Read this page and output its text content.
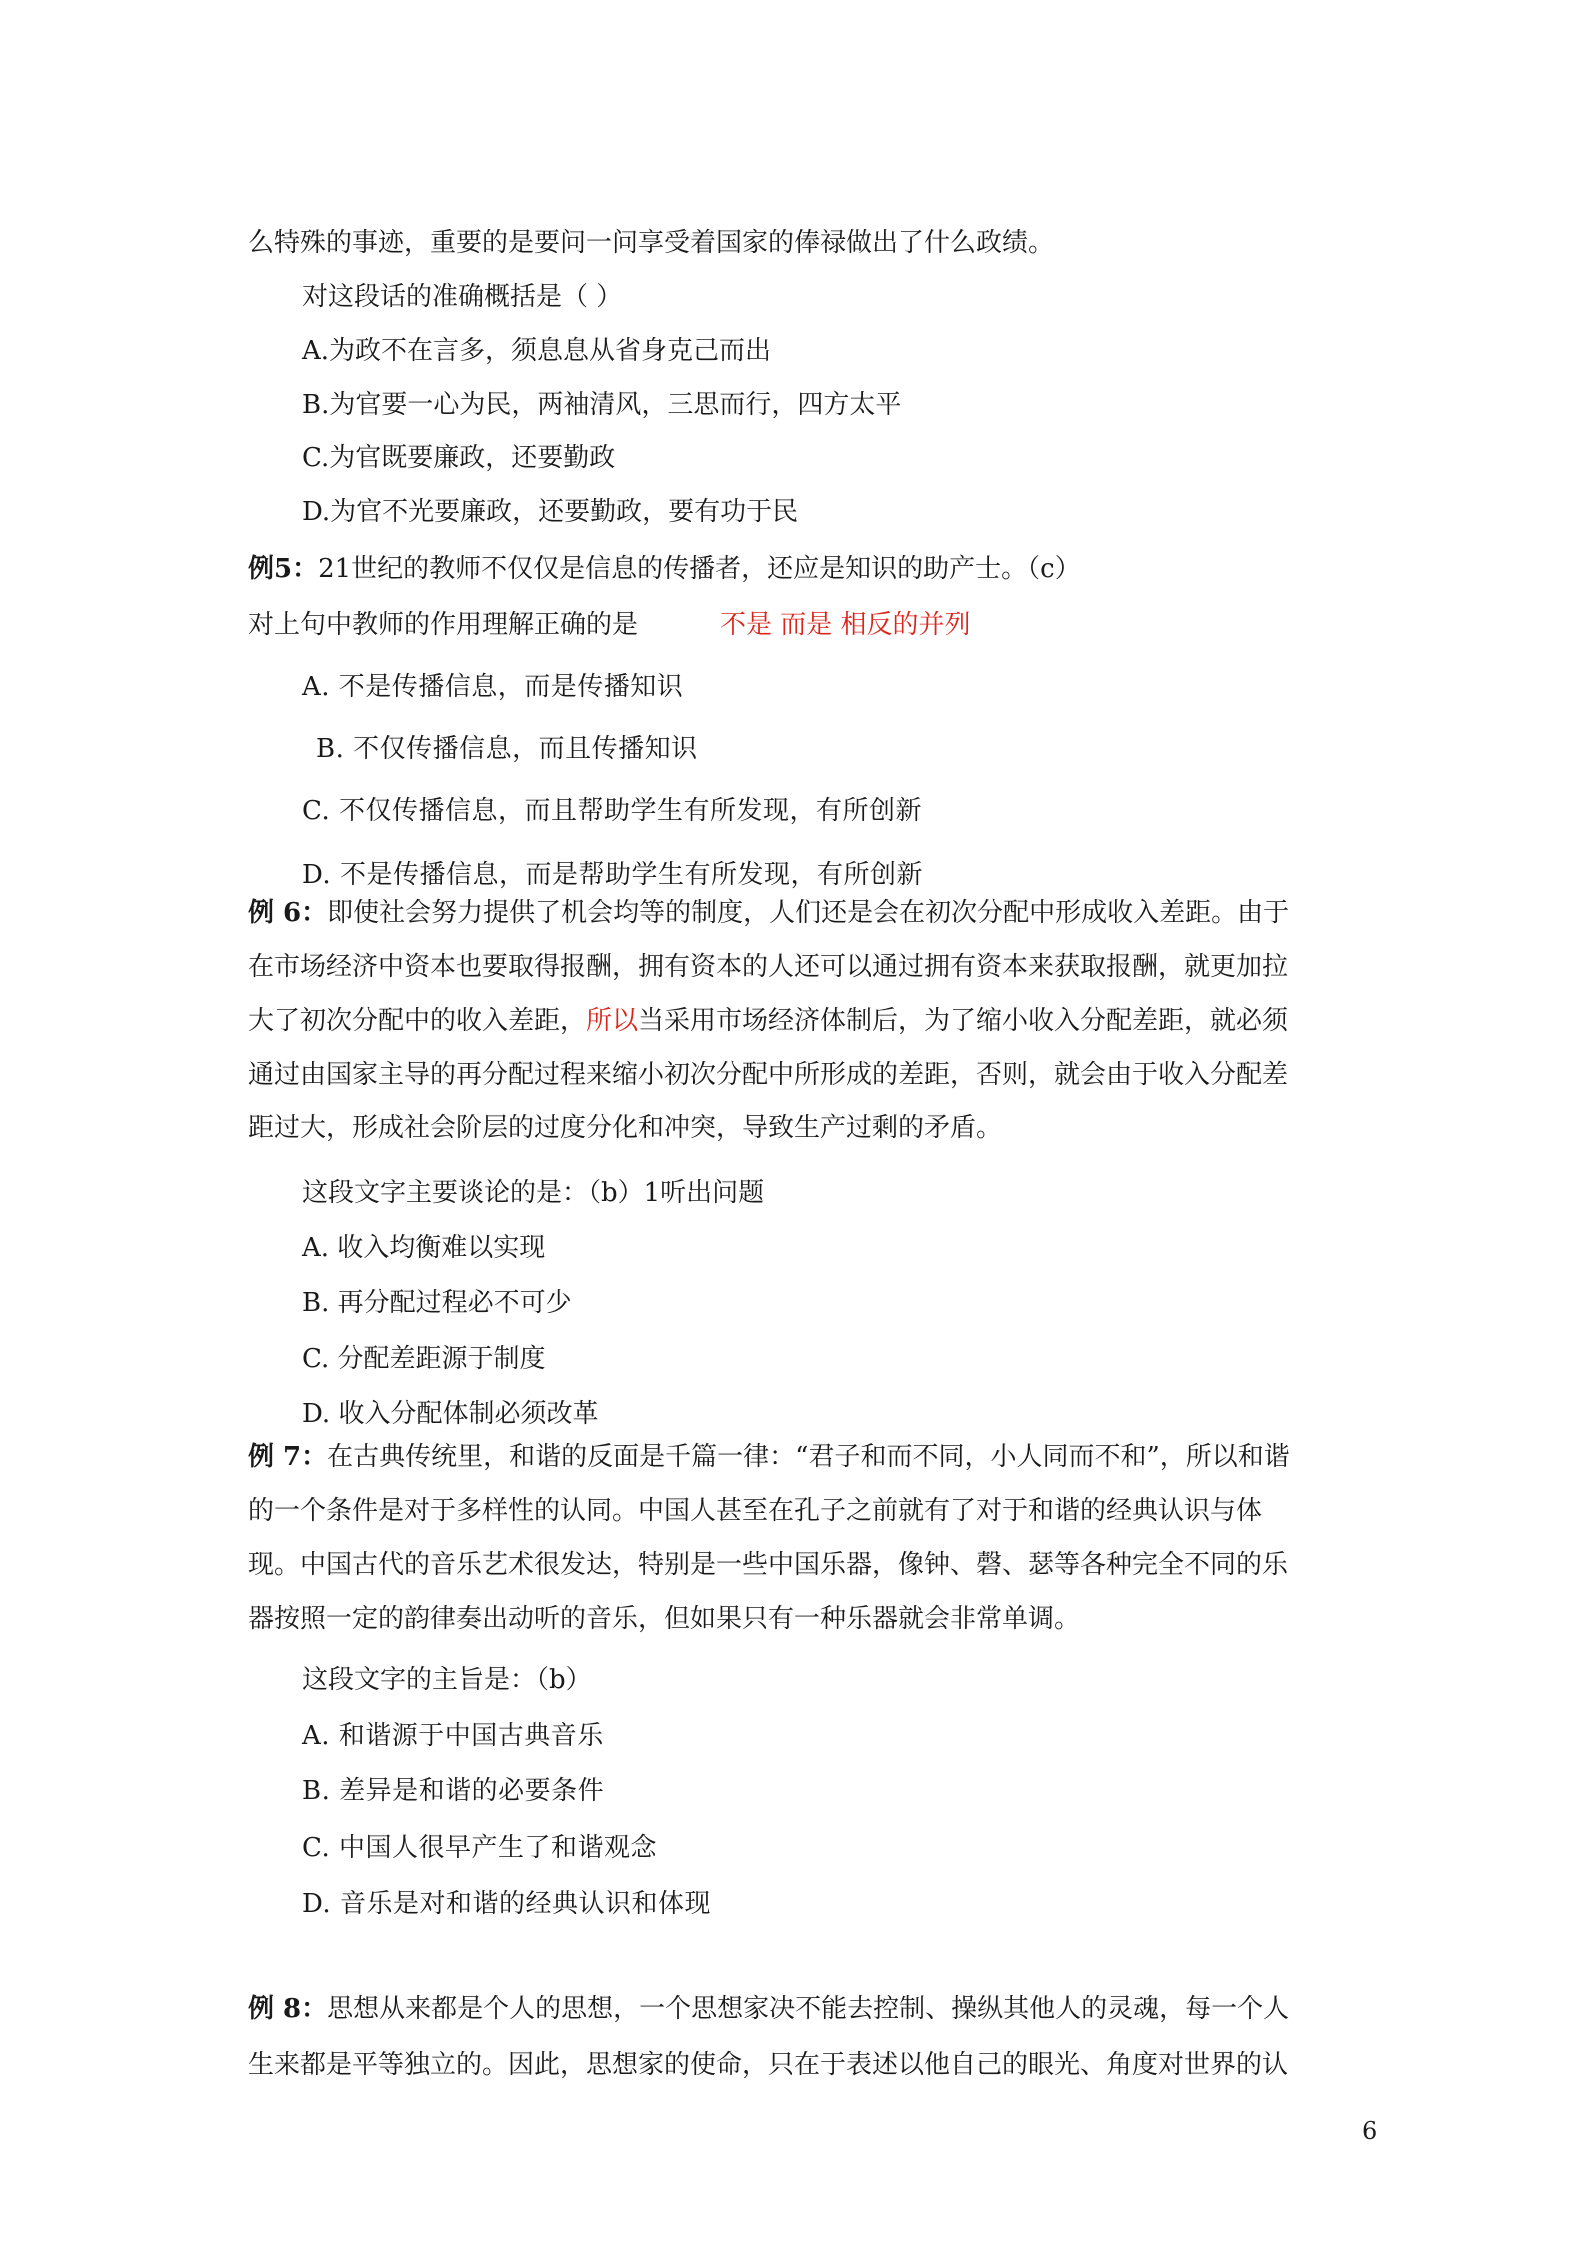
么特殊的事迹，重要的是要问一问享受着国家的俸禄做出了什么政绩。
对这段话的准确概括是（ ）
A.为政不在言多，须息息从省身克己而出
B.为官要一心为民，两袖清风，三思而行，四方太平
C.为官既要廉政，还要勤政
D.为官不光要廉政，还要勤政，要有功于民
例5：21世纪的教师不仅仅是信息的传播者，还应是知识的助产士。（c）
对上句中教师的作用理解正确的是	不是 而是 相反的并列
A. 不是传播信息，而是传播知识
B. 不仅传播信息，而且传播知识
C. 不仅传播信息，而且帮助学生有所发现，有所创新
D. 不是传播信息，而是帮助学生有所发现，有所创新
例 6：即使社会努力提供了机会均等的制度，人们还是会在初次分配中形成收入差距。由于
在市场经济中资本也要取得报酬，拥有资本的人还可以通过拥有资本来获取报酬，就更加拉
大了初次分配中的收入差距，所以当采用市场经济体制后，为了缩小收入分配差距，就必须
通过由国家主导的再分配过程来缩小初次分配中所形成的差距，否则，就会由于收入分配差
距过大，形成社会阶层的过度分化和冲突，导致生产过剩的矛盾。
这段文字主要谈论的是：（b）1听出问题
A. 收入均衡难以实现
B. 再分配过程必不可少
C. 分配差距源于制度
D. 收入分配体制必须改革
例 7：在古典传统里，和谐的反面是千篇一律：“君子和而不同，小人同而不和”，所以和谐
的一个条件是对于多样性的认同。中国人甚至在孔子之前就有了对于和谐的经典认识与体
现。中国古代的音乐艺术很发达，特别是一些中国乐器，像钟、磬、瑟等各种完全不同的乐
器按照一定的韵律奏出动听的音乐，但如果只有一种乐器就会非常单调。
这段文字的主旨是：（b）
A. 和谐源于中国古典音乐
B. 差异是和谐的必要条件
C. 中国人很早产生了和谐观念
D. 音乐是对和谐的经典认识和体现
例 8：思想从来都是个人的思想，一个思想家决不能去控制、操纵其他人的灵魂，每一个人
生来都是平等独立的。因此，思想家的使命，只在于表述以他自己的眼光、角度对世界的认
6
